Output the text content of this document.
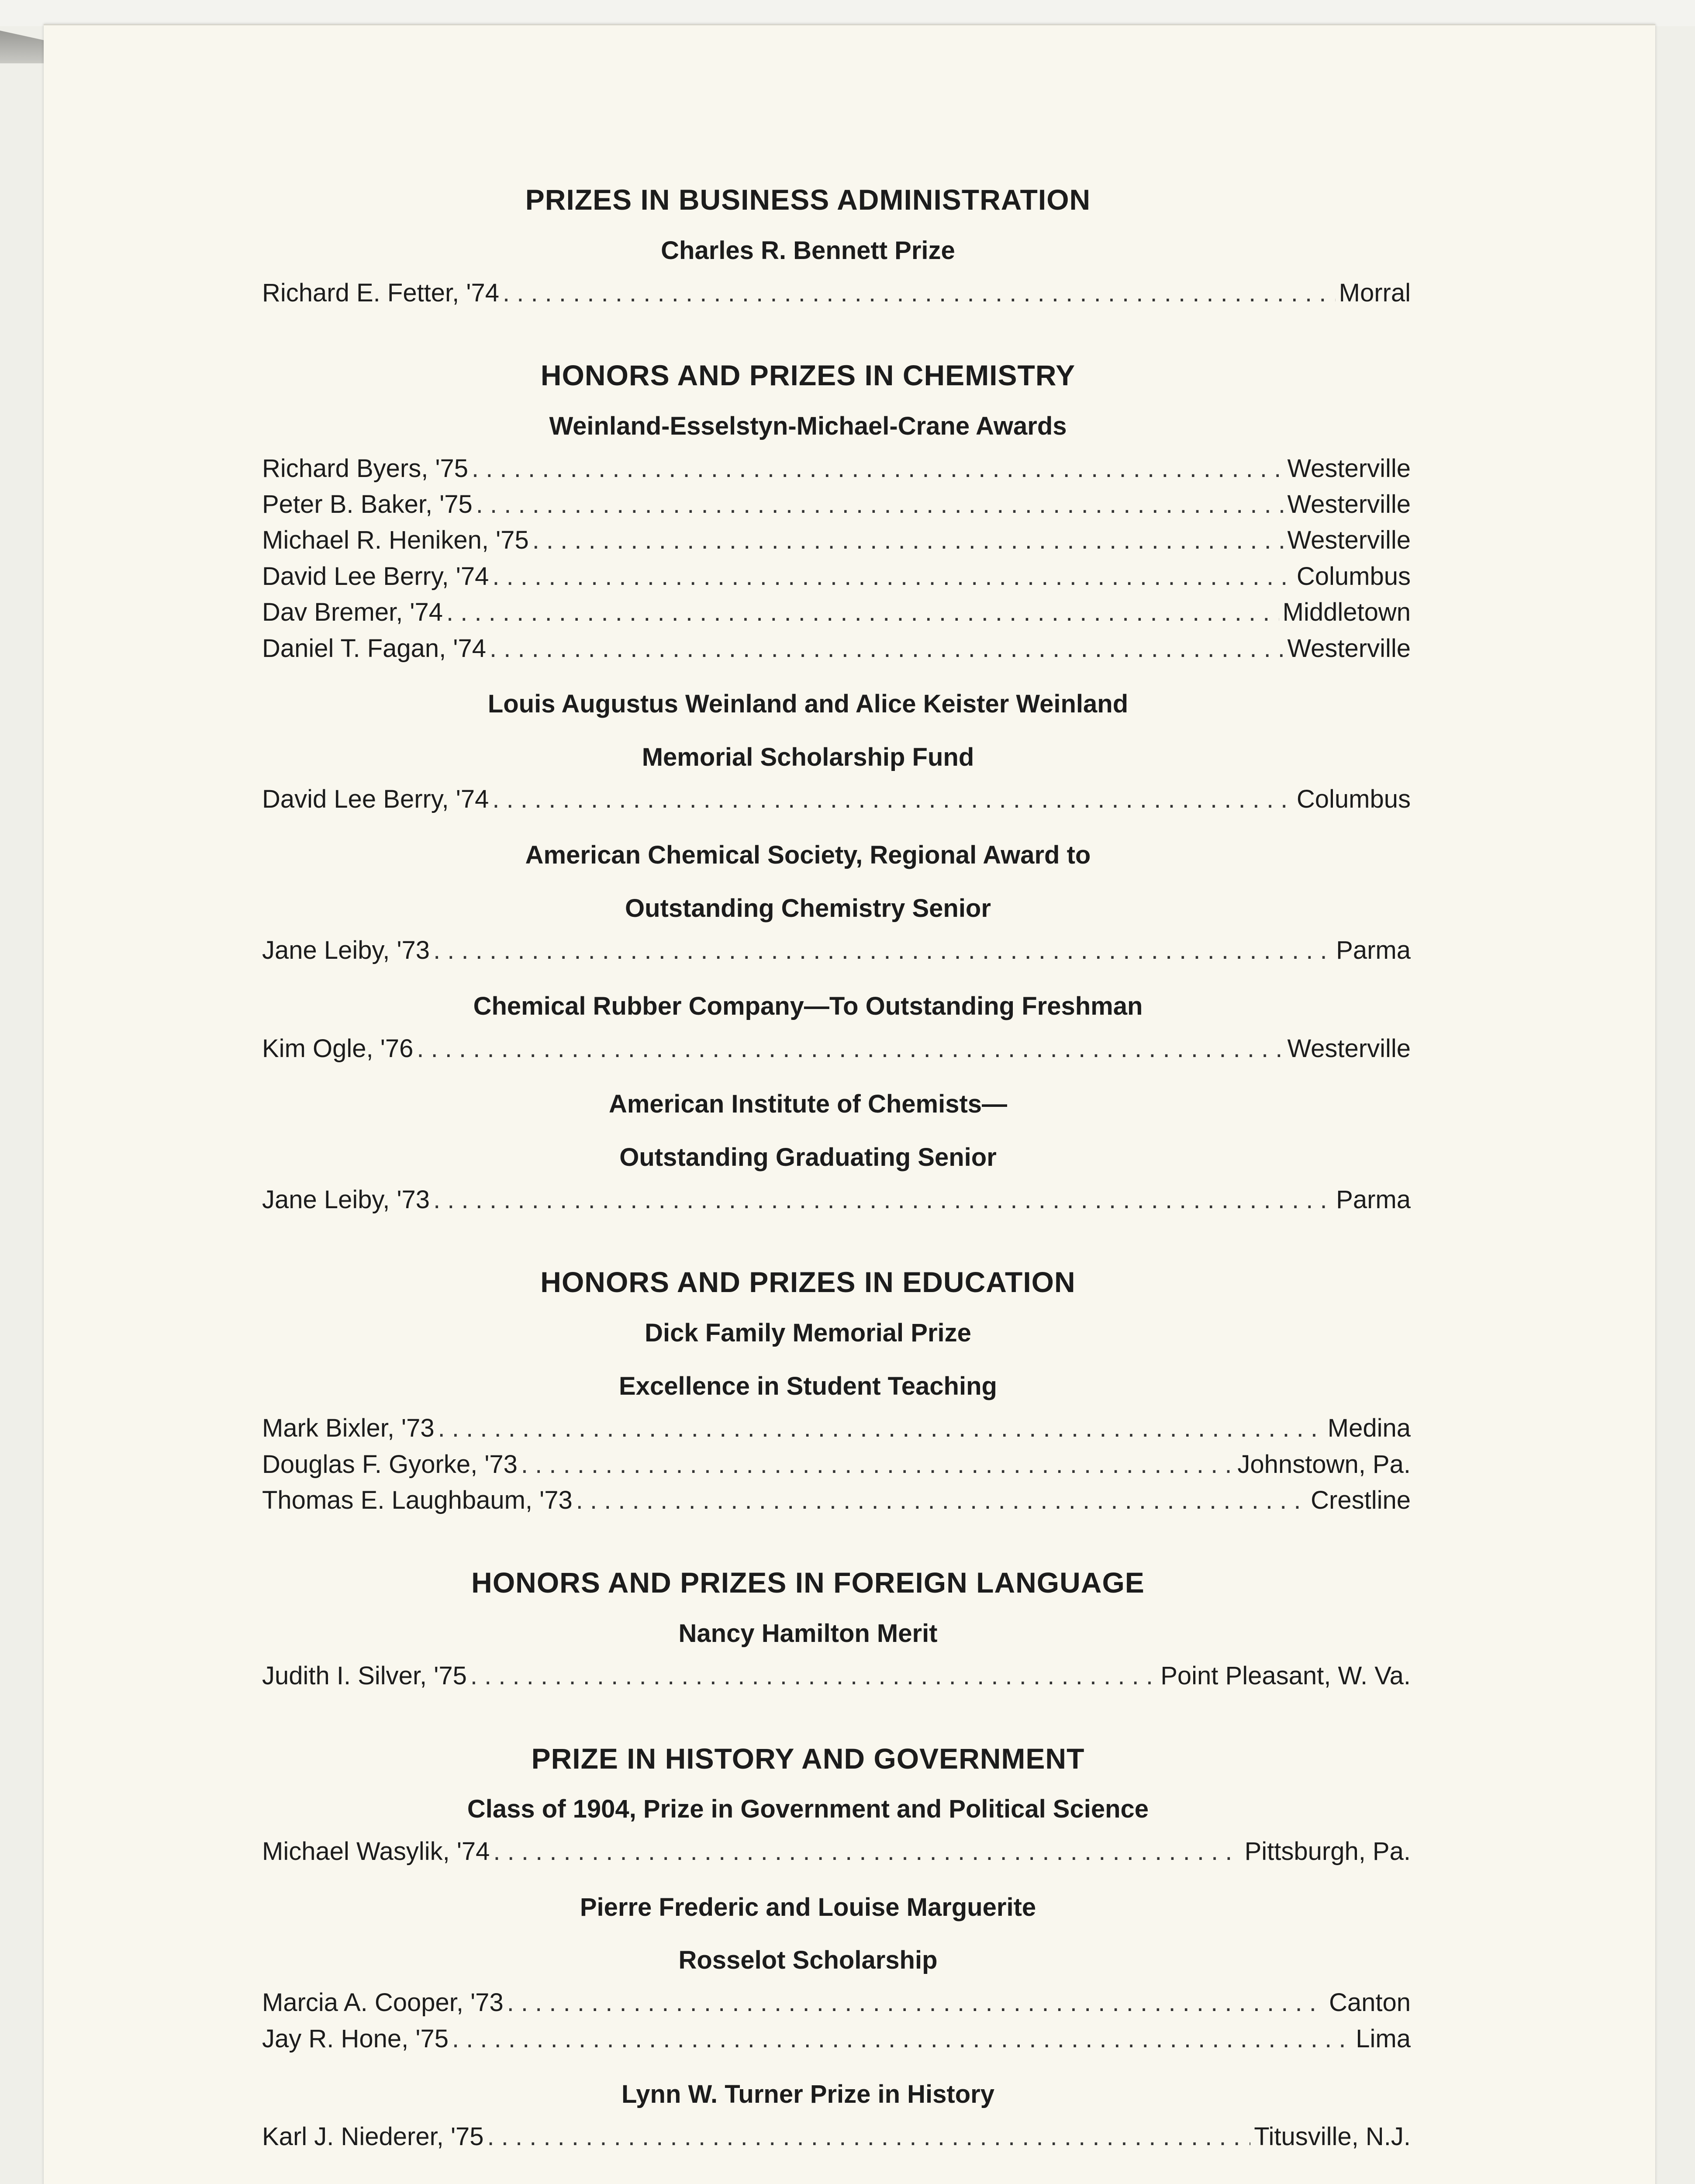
PRIZES IN BUSINESS ADMINISTRATION
Charles R. Bennett Prize
Richard E. Fetter, '74 . . .	Morral
HONORS AND PRIZES IN CHEMISTRY
Weinland-Esselstyn-Michael-Crane Awards
Richard Byers, '75 . . .	Westerville
Peter B. Baker, '75 . . .	Westerville
Michael R. Heniken, '75 . . .	Westerville
David Lee Berry, '74 . . .	Columbus
Dav Bremer, '74 . . .	Middletown
Daniel T. Fagan, '74 . . .	Westerville
Louis Augustus Weinland and Alice Keister Weinland
Memorial Scholarship Fund
David Lee Berry, '74 . . .	Columbus
American Chemical Society, Regional Award to
Outstanding Chemistry Senior
Jane Leiby, '73 . . .	Parma
Chemical Rubber Company—To Outstanding Freshman
Kim Ogle, '76 . . .	Westerville
American Institute of Chemists—
Outstanding Graduating Senior
Jane Leiby, '73 . . .	Parma
HONORS AND PRIZES IN EDUCATION
Dick Family Memorial Prize
Excellence in Student Teaching
Mark Bixler, '73 . . .	Medina
Douglas F. Gyorke, '73 . . .	Johnstown, Pa.
Thomas E. Laughbaum, '73 . . .	Crestline
HONORS AND PRIZES IN FOREIGN LANGUAGE
Nancy Hamilton Merit
Judith I. Silver, '75 . . .	Point Pleasant, W. Va.
PRIZE IN HISTORY AND GOVERNMENT
Class of 1904, Prize in Government and Political Science
Michael Wasylik, '74 . . .	Pittsburgh, Pa.
Pierre Frederic and Louise Marguerite
Rosselot Scholarship
Marcia A. Cooper, '73 . . .	Canton
Jay R. Hone, '75 . . .	Lima
Lynn W. Turner Prize in History
Karl J. Niederer, '75 . . .	Titusville, N.J.
